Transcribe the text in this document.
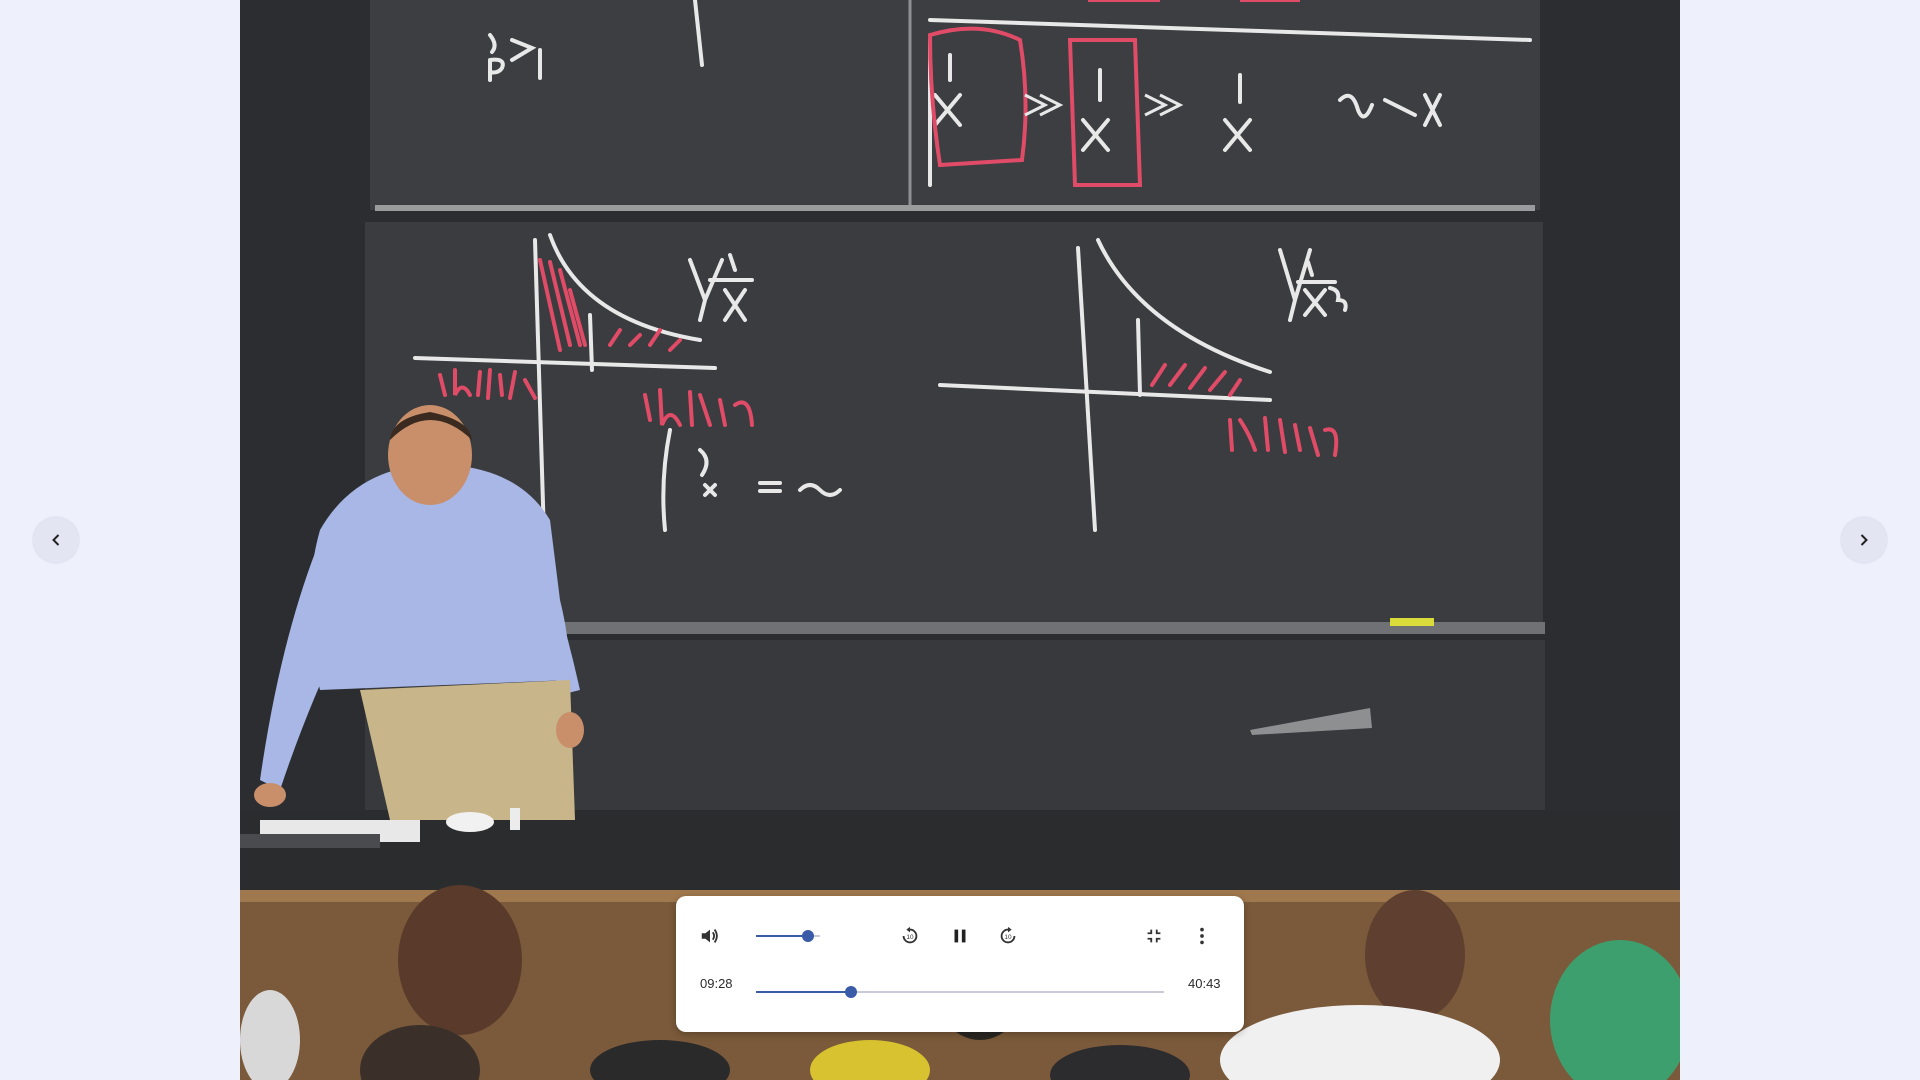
10	10
09:28	40:43
